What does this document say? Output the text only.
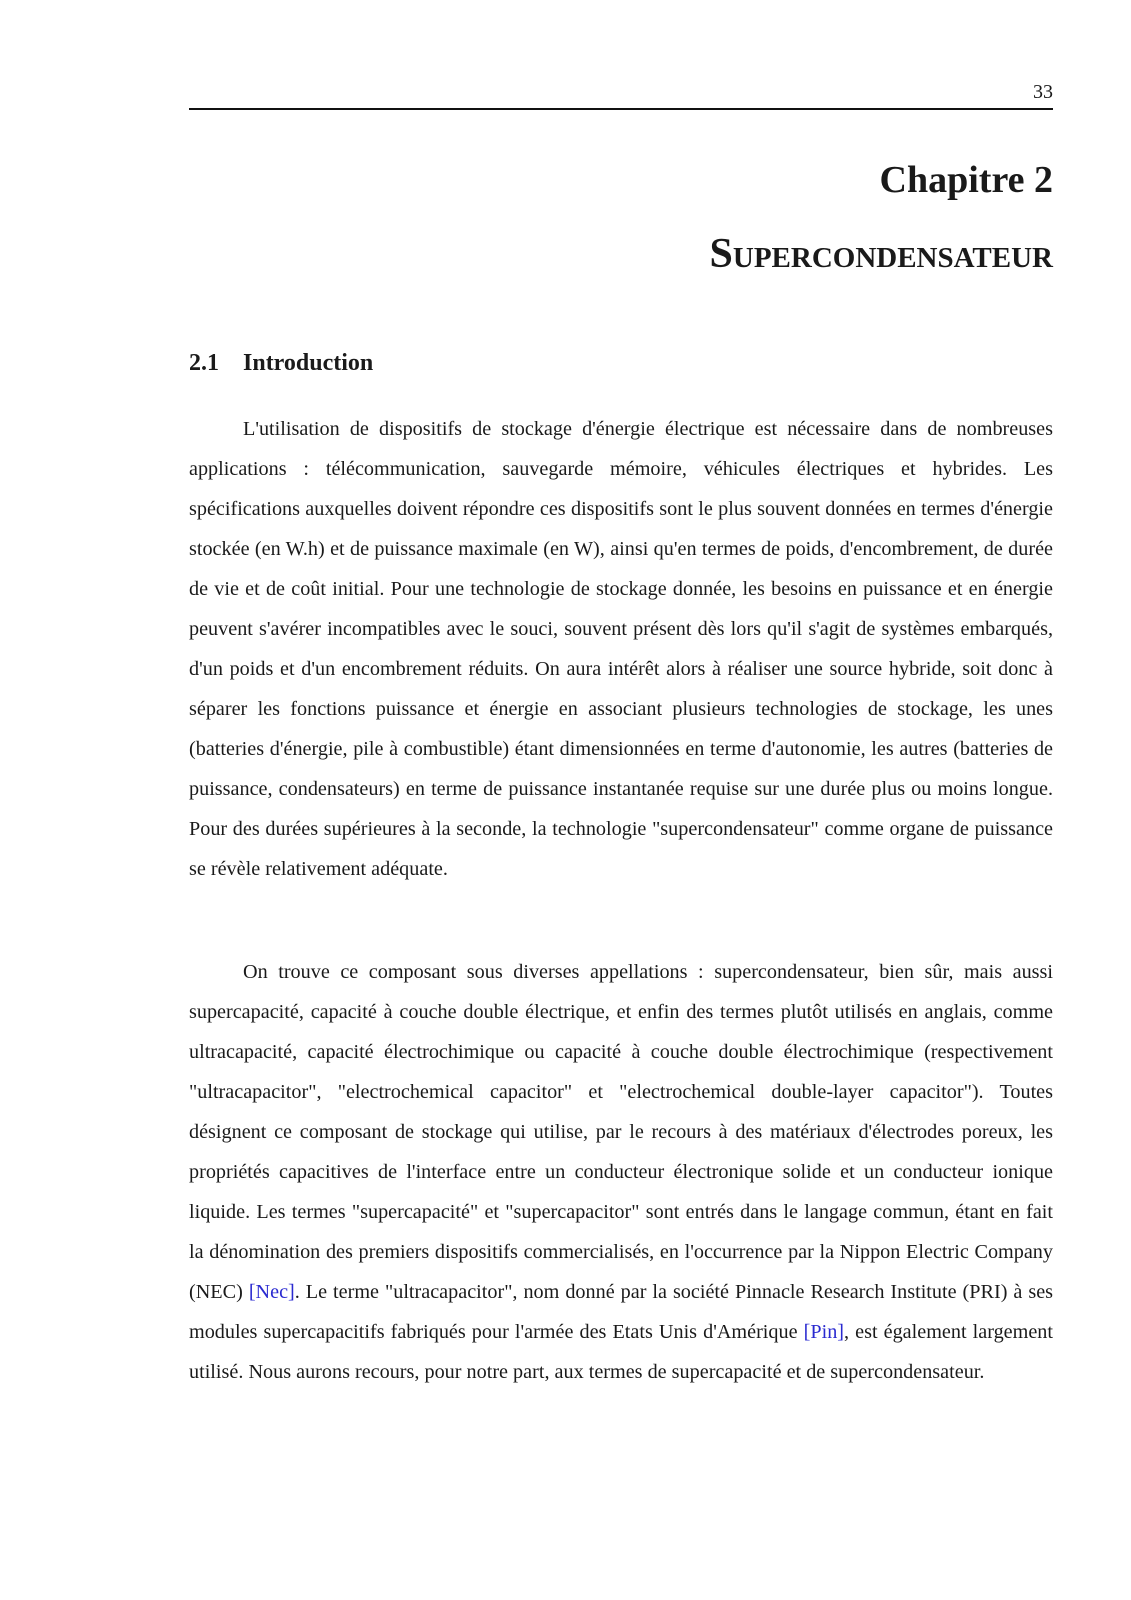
33
Chapitre 2
Supercondensateur
2.1 Introduction

L'utilisation de dispositifs de stockage d'énergie électrique est nécessaire dans de nombreuses applications : télécommunication, sauvegarde mémoire, véhicules électriques et hybrides. Les spécifications auxquelles doivent répondre ces dispositifs sont le plus souvent données en termes d'énergie stockée (en W.h) et de puissance maximale (en W), ainsi qu'en termes de poids, d'encombrement, de durée de vie et de coût initial. Pour une technologie de stockage donnée, les besoins en puissance et en énergie peuvent s'avérer incompatibles avec le souci, souvent présent dès lors qu'il s'agit de systèmes embarqués, d'un poids et d'un encombrement réduits. On aura intérêt alors à réaliser une source hybride, soit donc à séparer les fonctions puissance et énergie en associant plusieurs technologies de stockage, les unes (batteries d'énergie, pile à combustible) étant dimensionnées en terme d'autonomie, les autres (batteries de puissance, condensateurs) en terme de puissance instantanée requise sur une durée plus ou moins longue. Pour des durées supérieures à la seconde, la technologie "supercondensateur" comme organe de puissance se révèle relativement adéquate.

On trouve ce composant sous diverses appellations : supercondensateur, bien sûr, mais aussi supercapacité, capacité à couche double électrique, et enfin des termes plutôt utilisés en anglais, comme ultracapacité, capacité électrochimique ou capacité à couche double électrochimique (respectivement "ultracapacitor", "electrochemical capacitor" et "electrochemical double-layer capacitor"). Toutes désignent ce composant de stockage qui utilise, par le recours à des matériaux d'électrodes poreux, les propriétés capacitives de l'interface entre un conducteur électronique solide et un conducteur ionique liquide. Les termes "supercapacité" et "supercapacitor" sont entrés dans le langage commun, étant en fait la dénomination des premiers dispositifs commercialisés, en l'occurrence par la Nippon Electric Company (NEC) [Nec]. Le terme "ultracapacitor", nom donné par la société Pinnacle Research Institute (PRI) à ses modules supercapacitifs fabriqués pour l'armée des Etats Unis d'Amérique [Pin], est également largement utilisé. Nous aurons recours, pour notre part, aux termes de supercapacité et de supercondensateur.
